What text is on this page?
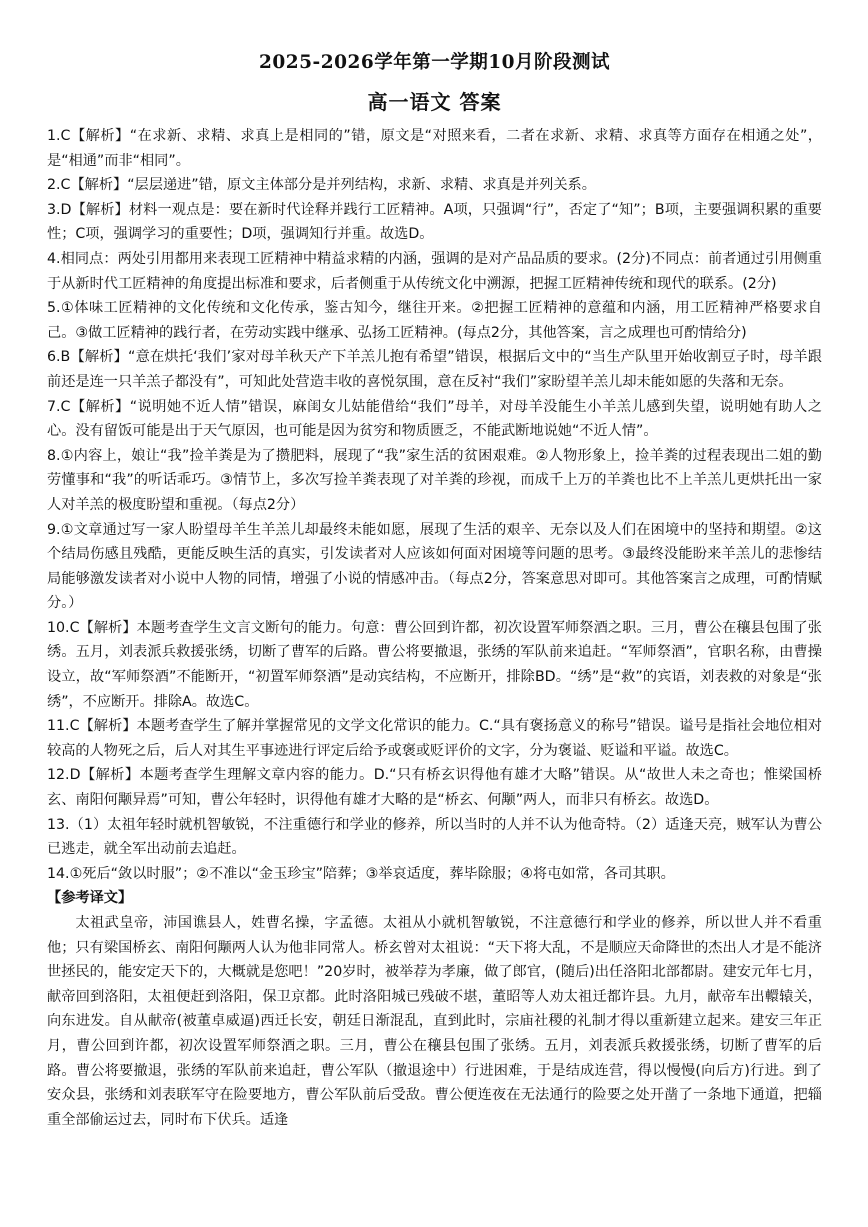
2025-2026学年第一学期10月阶段测试
高一语文 答案

1.C【解析】“在求新、求精、求真上是相同的”错，原文是“对照来看，二者在求新、求精、求真等方面存在相通之处”，是“相通”而非“相同”。

2.C【解析】“层层递进”错，原文主体部分是并列结构，求新、求精、求真是并列关系。

3.D【解析】材料一观点是：要在新时代诠释并践行工匠精神。A项，只强调“行”，否定了“知”；B项，主要强调积累的重要性；C项，强调学习的重要性；D项，强调知行并重。故选D。

4.相同点：两处引用都用来表现工匠精神中精益求精的内涵，强调的是对产品品质的要求。(2分)不同点：前者通过引用侧重于从新时代工匠精神的角度提出标准和要求，后者侧重于从传统文化中溯源，把握工匠精神传统和现代的联系。(2分)

5.①体味工匠精神的文化传统和文化传承，鉴古知今，继往开来。②把握工匠精神的意蕴和内涵，用工匠精神严格要求自己。③做工匠精神的践行者，在劳动实践中继承、弘扬工匠精神。(每点2分，其他答案，言之成理也可酌情给分)

6.B【解析】“意在烘托‘我们’家对母羊秋天产下羊羔儿抱有希望”错误，根据后文中的“当生产队里开始收割豆子时，母羊跟前还是连一只羊羔子都没有”，可知此处营造丰收的喜悦氛围，意在反衬“我们”家盼望羊羔儿却未能如愿的失落和无奈。

7.C【解析】“说明她不近人情”错误，麻闺女儿姑能借给“我们”母羊，对母羊没能生小羊羔儿感到失望，说明她有助人之心。没有留饭可能是出于天气原因，也可能是因为贫穷和物质匮乏，不能武断地说她“不近人情”。

8.①内容上，娘让“我”捡羊粪是为了攒肥料，展现了“我”家生活的贫困艰难。②人物形象上，捡羊粪的过程表现出二姐的勤劳懂事和“我”的听话乖巧。③情节上，多次写捡羊粪表现了对羊粪的珍视，而成千上万的羊粪也比不上羊羔儿更烘托出一家人对羊羔的极度盼望和重视。（每点2分）

9.①文章通过写一家人盼望母羊生羊羔儿却最终未能如愿，展现了生活的艰辛、无奈以及人们在困境中的坚持和期望。②这个结局伤感且残酷，更能反映生活的真实，引发读者对人应该如何面对困境等问题的思考。③最终没能盼来羊羔儿的悲惨结局能够激发读者对小说中人物的同情，增强了小说的情感冲击。（每点2分，答案意思对即可。其他答案言之成理，可酌情赋分。）

10.C【解析】本题考查学生文言文断句的能力。句意：曹公回到许都，初次设置军师祭酒之职。三月，曹公在穰县包围了张绣。五月，刘表派兵救援张绣，切断了曹军的后路。曹公将要撤退，张绣的军队前来追赶。“军师祭酒”，官职名称，由曹操设立，故“军师祭酒”不能断开，“初置军师祭酒”是动宾结构，不应断开，排除BD。“绣”是“救”的宾语，刘表救的对象是“张绣”，不应断开。排除A。故选C。

11.C【解析】本题考查学生了解并掌握常见的文学文化常识的能力。C.“具有褒扬意义的称号”错误。谥号是指社会地位相对较高的人物死之后，后人对其生平事迹进行评定后给予或褒或贬评价的文字，分为褒谥、贬谥和平谥。故选C。

12.D【解析】本题考查学生理解文章内容的能力。D.“只有桥玄识得他有雄才大略”错误。从“故世人未之奇也；惟梁国桥玄、南阳何颙异焉”可知，曹公年轻时，识得他有雄才大略的是“桥玄、何颙”两人，而非只有桥玄。故选D。

13.（1）太祖年轻时就机智敏锐，不注重德行和学业的修养，所以当时的人并不认为他奇特。（2）适逢天亮，贼军认为曹公已逃走，就全军出动前去追赶。

14.①死后“敛以时服”；②不准以“金玉珍宝”陪葬；③举哀适度，葬毕除服；④将屯如常，各司其职。

【参考译文】

太祖武皇帝，沛国谯县人，姓曹名操，字孟德。太祖从小就机智敏锐，不注意德行和学业的修养，所以世人并不看重他；只有梁国桥玄、南阳何颙两人认为他非同常人。桥玄曾对太祖说：“天下将大乱，不是顺应天命降世的杰出人才是不能济世拯民的，能安定天下的，大概就是您吧！”20岁时，被举荐为孝廉，做了郎官，(随后)出任洛阳北部都尉。建安元年七月，献帝回到洛阳，太祖便赶到洛阳，保卫京都。此时洛阳城已残破不堪，董昭等人劝太祖迁都许县。九月，献帝车出轘辕关，向东进发。自从献帝(被董卓威逼)西迁长安，朝廷日渐混乱，直到此时，宗庙社稷的礼制才得以重新建立起来。建安三年正月，曹公回到许都，初次设置军师祭酒之职。三月，曹公在穰县包围了张绣。五月，刘表派兵救援张绣，切断了曹军的后路。曹公将要撤退，张绣的军队前来追赶，曹公军队（撤退途中）行进困难，于是结成连营，得以慢慢(向后方)行进。到了安众县，张绣和刘表联军守在险要地方，曹公军队前后受敌。曹公便连夜在无法通行的险要之处开凿了一条地下通道，把辎重全部偷运过去，同时布下伏兵。适逢
